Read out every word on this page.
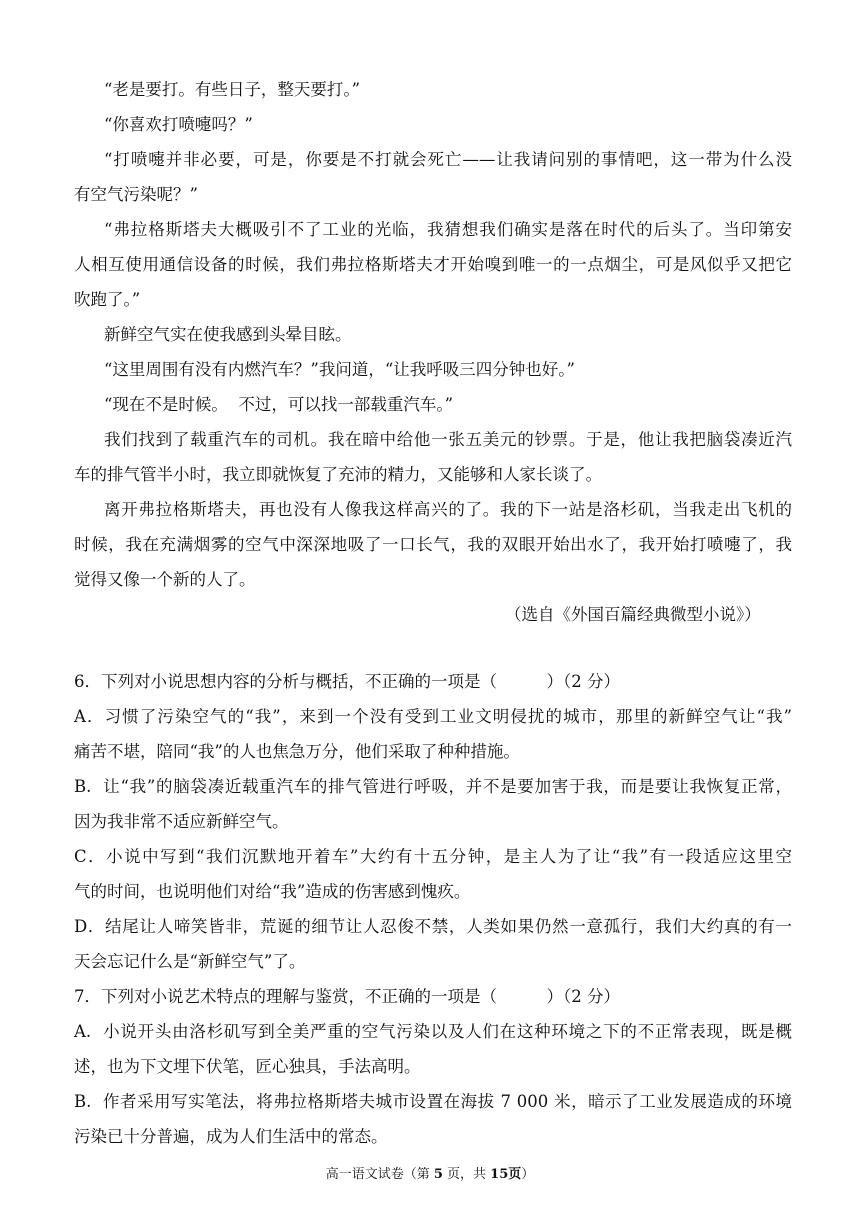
“老是要打。有些日子，整天要打。”
“你喜欢打喷嚏吗？”
“打喷嚏并非必要，可是，你要是不打就会死亡——让我请问别的事情吧，这一带为什么没
有空气污染呢？”
“弗拉格斯塔夫大概吸引不了工业的光临，我猜想我们确实是落在时代的后头了。当印第安
人相互使用通信设备的时候，我们弗拉格斯塔夫才开始嗅到唯一的一点烟尘，可是风似乎又把它
吹跑了。”
新鲜空气实在使我感到头晕目眩。
“这里周围有没有内燃汽车？”我问道，“让我呼吸三四分钟也好。”
“现在不是时候。  不过，可以找一部载重汽车。”
我们找到了载重汽车的司机。我在暗中给他一张五美元的钞票。于是，他让我把脑袋凑近汽
车的排气管半小时，我立即就恢复了充沛的精力，又能够和人家长谈了。
离开弗拉格斯塔夫，再也没有人像我这样高兴的了。我的下一站是洛杉矶，当我走出飞机的
时候，我在充满烟雾的空气中深深地吸了一口长气，我的双眼开始出水了，我开始打喷嚏了，我
觉得又像一个新的人了。
（选自《外国百篇经典微型小说》）
6．下列对小说思想内容的分析与概括，不正确的一项是（　　　）（2 分）
A．习惯了污染空气的“我”，来到一个没有受到工业文明侵扰的城市，那里的新鲜空气让“我”
痛苦不堪，陪同“我”的人也焦急万分，他们采取了种种措施。
B.  让“我”的脑袋凑近载重汽车的排气管进行呼吸，并不是要加害于我，而是要让我恢复正常，
因为我非常不适应新鲜空气。
C．小说中写到“我们沉默地开着车”大约有十五分钟，是主人为了让“我”有一段适应这里空
气的时间，也说明他们对给“我”造成的伤害感到愧疚。
D．结尾让人啼笑皆非，荒诞的细节让人忍俊不禁，人类如果仍然一意孤行，我们大约真的有一
天会忘记什么是“新鲜空气”了。
7．下列对小说艺术特点的理解与鉴赏，不正确的一项是（　　　）（2 分）
A.  小说开头由洛杉矶写到全美严重的空气污染以及人们在这种环境之下的不正常表现，既是概
述，也为下文埋下伏笔，匠心独具，手法高明。
B.  作者采用写实笔法，将弗拉格斯塔夫城市设置在海拔 7 000 米，暗示了工业发展造成的环境
污染已十分普遍，成为人们生活中的常态。
高一语文试卷（第 5 页，共 15页）
